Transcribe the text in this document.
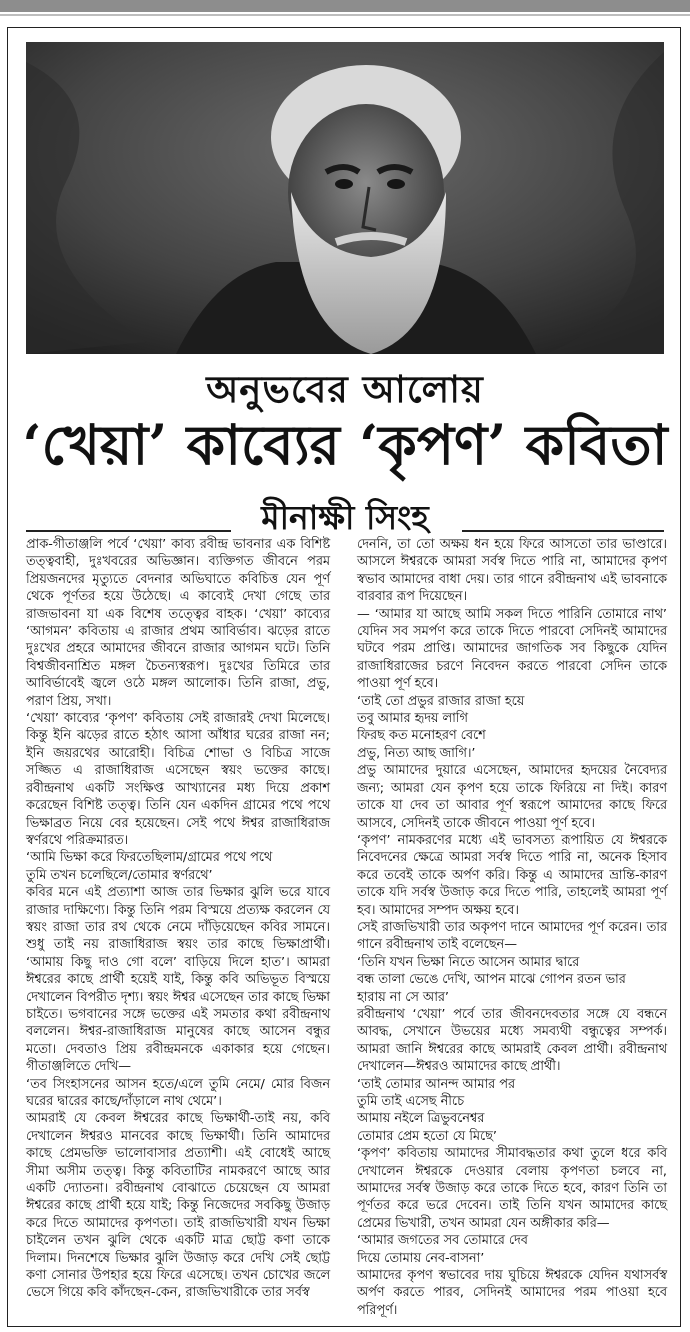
অনুভবের আলোয়
‘খেয়া’ কাব্যের ‘কৃপণ’ কবিতা
মীনাক্ষী সিংহ

প্রাক-গীতাঞ্জলি পর্বে ‘খেয়া’ কাব্য রবীন্দ্র ভাবনার এক বিশিষ্ট তত্ত্ববাহী, দুঃখবরের অভিজ্ঞান। ব্যক্তিগত জীবনে পরম প্রিয়জনদের মৃত্যুতে বেদনার অভিঘাতে কবিচিত্ত যেন পূর্ণ থেকে পূর্ণতর হয়ে উঠেছে। এ কাব্যেই দেখা গেছে তার রাজভাবনা যা এক বিশেষ তত্ত্বের বাহক। ‘খেয়া’ কাব্যের ‘আগমন’ কবিতায় এ রাজার প্রথম আবির্ভাব। ঝড়ের রাতে দুঃখের প্রহরে আমাদের জীবনে রাজার আগমন ঘটে। তিনি বিশ্বজীবনাশ্রিত মঙ্গল চৈতন্যস্বরূপ। দুঃখের তিমিরে তার আবির্ভাবেই জ্বলে ওঠে মঙ্গল আলোক। তিনি রাজা, প্রভু, পরাণ প্রিয়, সখা।

‘খেয়া’ কাব্যের ‘কৃপণ’ কবিতায় সেই রাজারই দেখা মিলেছে। কিন্তু ইনি ঝড়ের রাতে হঠাৎ আসা আঁধার ঘরের রাজা নন; ইনি জয়রথের আরোহী। বিচিত্র শোভা ও বিচিত্র সাজে সজ্জিত এ রাজাধিরাজ এসেছেন স্বয়ং ভক্তের কাছে। রবীন্দ্রনাথ একটি সংক্ষিপ্ত আখ্যানের মধ্য দিয়ে প্রকাশ করেছেন বিশিষ্ট তত্ত্ব। তিনি যেন একদিন গ্রামের পথে পথে ভিক্ষাব্রত নিয়ে বের হয়েছেন। সেই পথে ঈশ্বর রাজাধিরাজ স্বর্ণরথে পরিক্রমারত।

‘আমি ভিক্ষা করে ফিরতেছিলাম/গ্রামের পথে পথে
তুমি তখন চলেছিলে/তোমার স্বর্ণরথে’

কবির মনে এই প্রত্যাশা আজ তার ভিক্ষার ঝুলি ভরে যাবে রাজার দাক্ষিণ্যে। কিন্তু তিনি পরম বিস্ময়ে প্রত্যক্ষ করলেন যে স্বয়ং রাজা তার রথ থেকে নেমে দাঁড়িয়েছেন কবির সামনে। শুধু তাই নয় রাজাধিরাজ স্বয়ং তার কাছে ভিক্ষাপ্রার্থী। ‘আমায় কিছু দাও গো বলে’ বাড়িয়ে দিলে হাত’। আমরা ঈশ্বরের কাছে প্রার্থী হয়েই যাই, কিন্তু কবি অভিভূত বিস্ময়ে দেখালেন বিপরীত দৃশ্য। স্বয়ং ঈশ্বর এসেছেন তার কাছে ভিক্ষা চাইতে। ভগবানের সঙ্গে ভক্তের এই সমতার কথা রবীন্দ্রনাথ বললেন। ঈশ্বর-রাজাধিরাজ মানুষের কাছে আসেন বন্ধুর মতো। দেবতাও প্রিয় রবীন্দ্রমনকে একাকার হয়ে গেছেন। গীতাঞ্জলিতে দেখি—

‘তব সিংহাসনের আসন হতে/এলে তুমি নেমে/ মোর বিজন ঘরের দ্বারের কাছে/দাঁড়ালে নাথ থেমে’।

আমরাই যে কেবল ঈশ্বরের কাছে ভিক্ষার্থী-তাই নয়, কবি দেখালেন ঈশ্বরও মানবের কাছে ভিক্ষার্থী। তিনি আমাদের কাছে প্রেমভক্তি ভালোবাসার প্রত্যাশী। এই বোধেই আছে সীমা অসীম তত্ত্ব। কিন্তু কবিতাটির নামকরণে আছে আর একটি দ্যোতনা। রবীন্দ্রনাথ বোঝাতে চেয়েছেন যে আমরা ঈশ্বরের কাছে প্রার্থী হয়ে যাই; কিন্তু নিজেদের সবকিছু উজাড় করে দিতে আমাদের কৃপণতা। তাই রাজভিখারী যখন ভিক্ষা চাইলেন তখন ঝুলি থেকে একটি মাত্র ছোট্ট কণা তাকে দিলাম। দিনশেষে ভিক্ষার ঝুলি উজাড় করে দেখি সেই ছোট্ট কণা সোনার উপহার হয়ে ফিরে এসেছে। তখন চোখের জলে ভেসে গিয়ে কবি কাঁদছেন-কেন, রাজভিখারীকে তার সর্বস্ব

দেননি, তা তো অক্ষয় ধন হয়ে ফিরে আসতো তার ভাণ্ডারে। আসলে ঈশ্বরকে আমরা সর্বস্ব দিতে পারি না, আমাদের কৃপণ স্বভাব আমাদের বাধা দেয়। তার গানে রবীন্দ্রনাথ এই ভাবনাকে বারবার রূপ দিয়েছেন।

— ‘আমার যা আছে আমি সকল দিতে পারিনি তোমারে নাথ’ যেদিন সব সমর্পণ করে তাকে দিতে পারবো সেদিনই আমাদের ঘটবে পরম প্রাপ্তি। আমাদের জাগতিক সব কিছুকে যেদিন রাজাধিরাজের চরণে নিবেদন করতে পারবো সেদিন তাকে পাওয়া পূর্ণ হবে।

‘তাই তো প্রভুর রাজার রাজা হয়ে
তবু আমার হৃদয় লাগি
ফিরছ কত মনোহরণ বেশে
প্রভু, নিত্য আছ জাগি।’

প্রভু আমাদের দুয়ারে এসেছেন, আমাদের হৃদয়ের নৈবেদ্যর জন্য; আমরা যেন কৃপণ হয়ে তাকে ফিরিয়ে না দিই। কারণ তাকে যা দেব তা আবার পূর্ণ স্বরূপে আমাদের কাছে ফিরে আসবে, সেদিনই তাকে জীবনে পাওয়া পূর্ণ হবে।

‘কৃপণ’ নামকরণের মধ্যে এই ভাবসত্য রূপায়িত যে ঈশ্বরকে নিবেদনের ক্ষেত্রে আমরা সর্বস্ব দিতে পারি না, অনেক হিসাব করে তবেই তাকে অর্পণ করি। কিন্তু এ আমাদের ভ্রান্তি-কারণ তাকে যদি সর্বস্ব উজাড় করে দিতে পারি, তাহলেই আমরা পূর্ণ হব। আমাদের সম্পদ অক্ষয় হবে।

সেই রাজভিখারী তার অকৃপণ দানে আমাদের পূর্ণ করেন। তার গানে রবীন্দ্রনাথ তাই বলেছেন—

‘তিনি যখন ভিক্ষা নিতে আসেন আমার দ্বারে
বন্ধ তালা ভেঙে দেখি, আপন মাঝে গোপন রতন ভার
হারায় না সে আর’

রবীন্দ্রনাথ ‘খেয়া’ পর্বে তার জীবনদেবতার সঙ্গে যে বন্ধনে আবদ্ধ, সেখানে উভয়ের মধ্যে সমব্যথী বন্ধুত্বের সম্পর্ক। আমরা জানি ঈশ্বরের কাছে আমরাই কেবল প্রার্থী। রবীন্দ্রনাথ দেখালেন—ঈশ্বরও আমাদের কাছে প্রার্থী।

‘তাই তোমার আনন্দ আমার পর
তুমি তাই এসেছ নীচে
আমায় নইলে ত্রিভুবনেশ্বর
তোমার প্রেম হতো যে মিছে’

‘কৃপণ’ কবিতায় আমাদের সীমাবদ্ধতার কথা তুলে ধরে কবি দেখালেন ঈশ্বরকে দেওয়ার বেলায় কৃপণতা চলবে না, আমাদের সর্বস্ব উজাড় করে তাকে দিতে হবে, কারণ তিনি তা পূর্ণতর করে ভরে দেবেন। তাই তিনি যখন আমাদের কাছে প্রেমের ভিখারী, তখন আমরা যেন অঙ্গীকার করি—

‘আমার জগতের সব তোমারে দেব
দিয়ে তোমায় নেব-বাসনা’

আমাদের কৃপণ স্বভাবের দায় ঘুচিয়ে ঈশ্বরকে যেদিন যথাসর্বস্ব অর্পণ করতে পারব, সেদিনই আমাদের পরম পাওয়া হবে পরিপূর্ণ।
